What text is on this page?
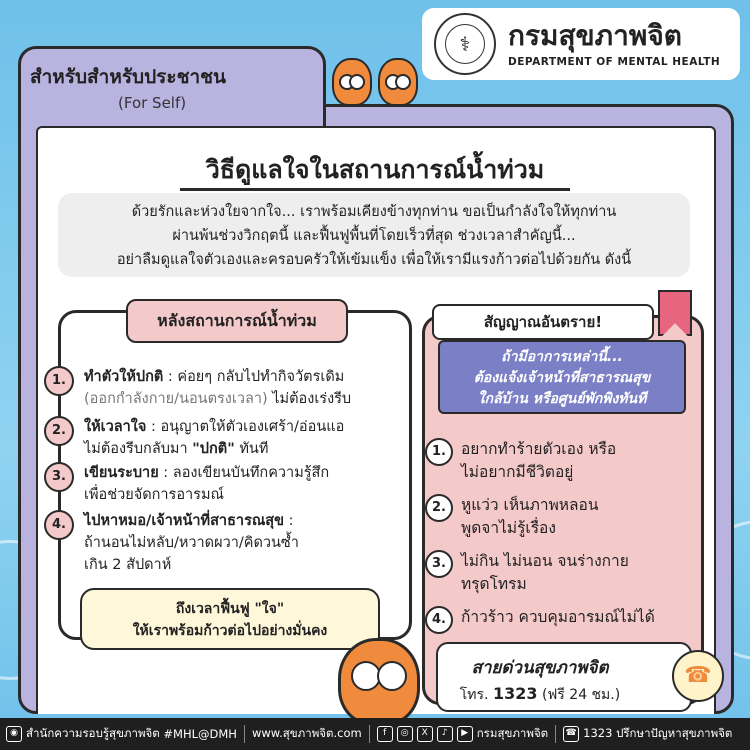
⚕	กรมสุขภาพจิต
DEPARTMENT OF MENTAL HEALTH
สำหรับสำหรับประชาชน
(For Self)
วิธีดูแลใจในสถานการณ์น้ำท่วม
ด้วยรักและห่วงใยจากใจ... เราพร้อมเคียงข้างทุกท่าน ขอเป็นกำลังใจให้ทุกท่าน
ผ่านพ้นช่วงวิกฤตนี้ และฟื้นฟูพื้นที่โดยเร็วที่สุด ช่วงเวลาสำคัญนี้...
อย่าลืมดูแลใจตัวเองและครอบครัวให้เข้มแข็ง เพื่อให้เรามีแรงก้าวต่อไปด้วยกัน ดังนี้
หลังสถานการณ์น้ำท่วม
1.	ทำตัวให้ปกติ : ค่อยๆ กลับไปทำกิจวัตรเดิม
(ออกกำลังกาย/นอนตรงเวลา) ไม่ต้องเร่งรีบ
2.	ให้เวลาใจ : อนุญาตให้ตัวเองเศร้า/อ่อนแอ
ไม่ต้องรีบกลับมา "ปกติ" ทันที
3.	เขียนระบาย : ลองเขียนบันทึกความรู้สึก
เพื่อช่วยจัดการอารมณ์
4.	ไปหาหมอ/เจ้าหน้าที่สาธารณสุข :
ถ้านอนไม่หลับ/หวาดผวา/คิดวนซ้ำ
เกิน 2 สัปดาห์
ถึงเวลาฟื้นฟู "ใจ"
ให้เราพร้อมก้าวต่อไปอย่างมั่นคง
สัญญาณอันตราย!
ถ้ามีอาการเหล่านี้...
ต้องแจ้งเจ้าหน้าที่สาธารณสุข
ใกล้บ้าน หรือศูนย์พักพิงทันที
1. อยากทำร้ายตัวเอง หรือ
ไม่อยากมีชีวิตอยู่
2. หูแว่ว เห็นภาพหลอน
พูดจาไม่รู้เรื่อง
3. ไม่กิน ไม่นอน จนร่างกาย
ทรุดโทรม
4. ก้าวร้าว ควบคุมอารมณ์ไม่ได้
สายด่วนสุขภาพจิต
โทร. 1323 (ฟรี 24 ชม.)
☎
◉ สำนักความรอบรู้สุขภาพจิต
#MHL@DMH www.สุขภาพจิต.com	f	◎	X	♪	▶ กรมสุขภาพจิต ☎ 1323 ปรึกษาปัญหาสุขภาพจิต
